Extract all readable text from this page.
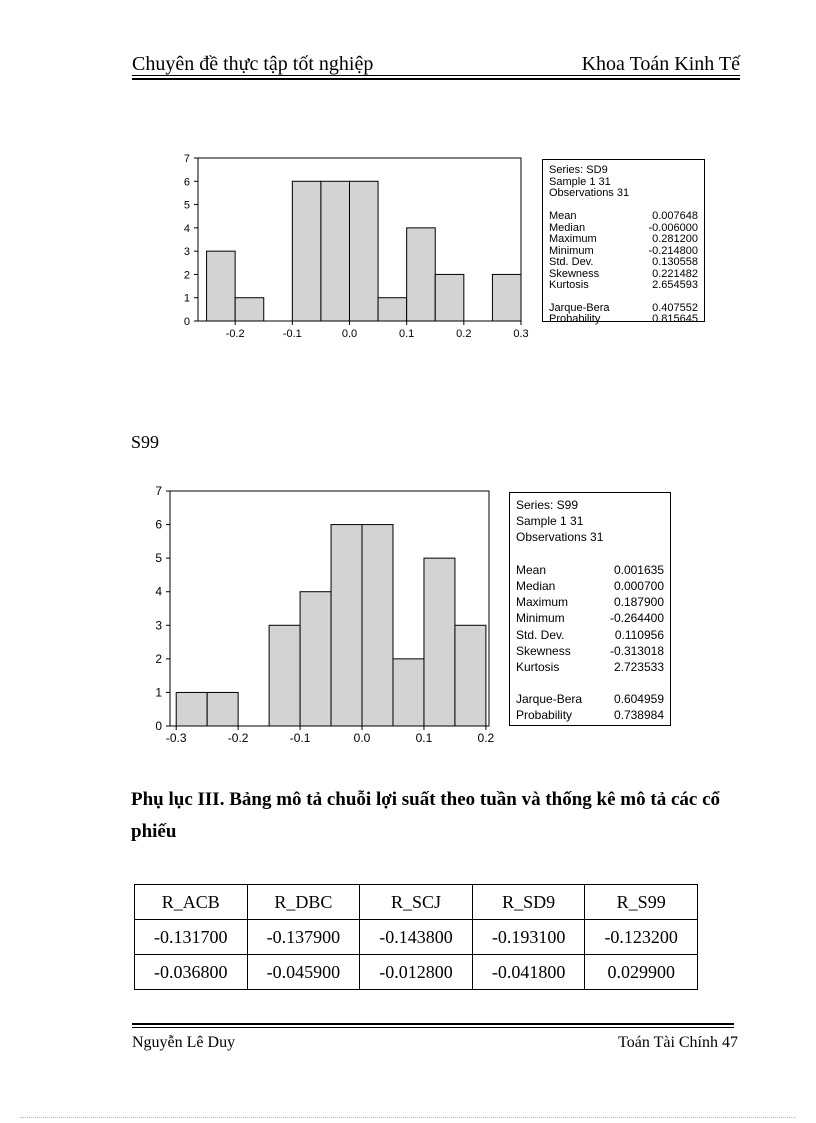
Chuyên đề thực tập tốt nghiệp	Khoa Toán Kinh Tế
0
1
2
3
4
5
6
7
-0.2	-0.1	0.0	0.1	0.2	0.3
Series: SD9
Sample 1 31
Observations 31
Mean	0.007648
Median	-0.006000
Maximum	0.281200
Minimum	-0.214800
Std. Dev.	0.130558
Skewness	0.221482
Kurtosis	2.654593
Jarque-Bera	0.407552
Probability	0.815645
S99
0
1
2
3
4
5
6
7
-0.3	-0.2	-0.1	0.0	0.1	0.2
Series: S99
Sample 1 31
Observations 31
Mean	0.001635
Median	0.000700
Maximum	0.187900
Minimum	-0.264400
Std. Dev.	0.110956
Skewness	-0.313018
Kurtosis	2.723533
Jarque-Bera	0.604959
Probability	0.738984
Phụ lục III. Bảng mô tả chuỗi lợi suất theo tuần và thống kê mô tả các cổ phiếu
R_ACB	R_DBC	R_SCJ	R_SD9	R_S99
-0.131700	-0.137900	-0.143800	-0.193100	-0.123200
-0.036800	-0.045900	-0.012800	-0.041800	0.029900
Nguyễn Lê Duy	Toán Tài Chính 47
